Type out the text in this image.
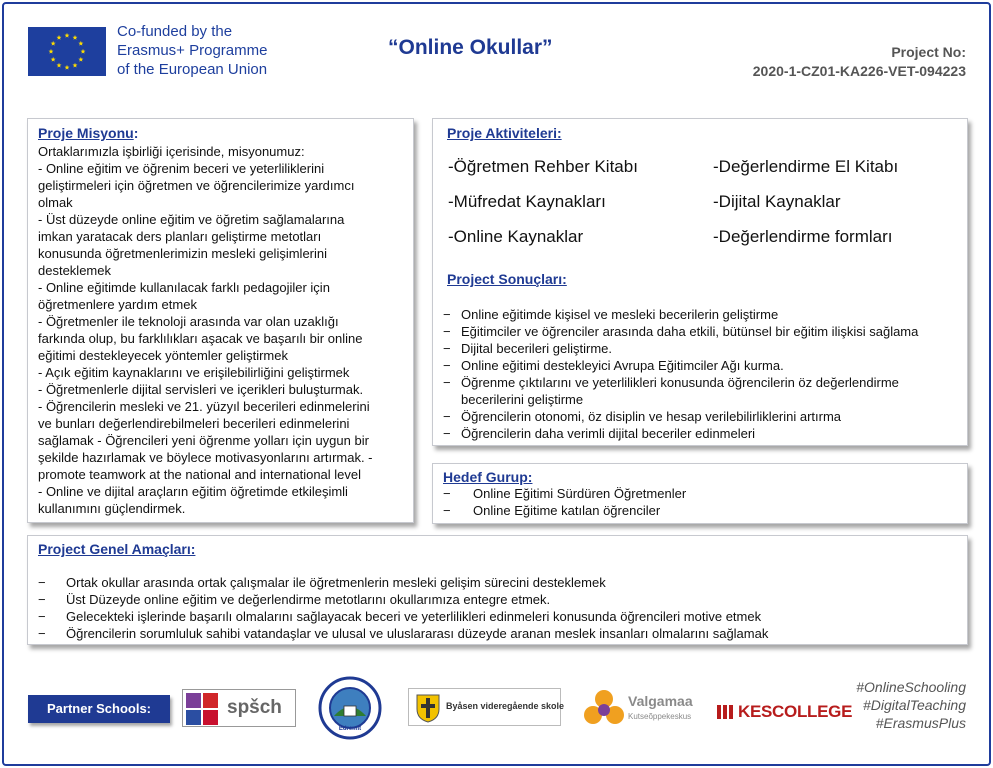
Co-funded by the
Erasmus+ Programme
of the European Union
“Online Okullar”	Project No:
2020-1-CZ01-KA226-VET-094223
Proje Misyonu:
Ortaklarımızla işbirliği içerisinde, misyonumuz:
- Online eğitim ve öğrenim beceri ve yeterliliklerini
geliştirmeleri için öğretmen ve öğrencilerimize yardımcı
olmak
- Üst düzeyde online eğitim ve öğretim sağlamalarına
imkan yaratacak ders planları geliştirme metotları
konusunda öğretmenlerimizin mesleki gelişimlerini
desteklemek
- Online eğitimde kullanılacak farklı pedagojiler için
öğretmenlere yardım etmek
- Öğretmenler ile teknoloji arasında var olan uzaklığı
farkında olup, bu farklılıkları aşacak ve başarılı bir online
eğitimi destekleyecek yöntemler geliştirmek
- Açık eğitim kaynaklarını ve erişilebilirliğini geliştirmek
- Öğretmenlerle dijital servisleri ve içerikleri buluşturmak.
- Öğrencilerin mesleki ve 21. yüzyıl becerileri edinmelerini
ve bunları değerlendirebilmeleri becerileri edinmelerini
sağlamak - Öğrencileri yeni öğrenme yolları için uygun bir
şekilde hazırlamak ve böylece motivasyonlarını artırmak. -
promote teamwork at the national and international level
- Online ve dijital araçların eğitim öğretimde etkileşimli
kullanımını güçlendirmek.
Proje Aktiviteleri:
-Öğretmen Rehber Kitabı	-Değerlendirme El Kitabı
-Müfredat Kaynakları	-Dijital Kaynaklar
-Online Kaynaklar	-Değerlendirme formları
Project Sonuçları:
− Online eğitimde kişisel ve mesleki becerilerin geliştirme
− Eğitimciler ve öğrenciler arasında daha etkili, bütünsel bir eğitim ilişkisi sağlama
− Dijital becerileri geliştirme.
− Online eğitimi destekleyici Avrupa Eğitimciler Ağı kurma.
− Öğrenme çıktılarını ve yeterlilikleri konusunda öğrencilerin öz değerlendirme becerilerini geliştirme
− Öğrencilerin otonomi, öz disiplin ve hesap verilebilirliklerini artırma
− Öğrencilerin daha verimli dijital beceriler edinmeleri
Hedef Gurup:
−	Online Eğitimi Sürdüren Öğretmenler
−	Online Eğitime katılan öğrenciler
Project Genel Amaçları:
−	Ortak okullar arasında ortak çalışmalar ile öğretmenlerin mesleki gelişim sürecini desteklemek
−	Üst Düzeyde online eğitim ve değerlendirme metotlarını okullarımıza entegre etmek.
−	Gelecekteki işlerinde başarılı olmalarını sağlayacak beceri ve yeterlilikleri edinmeleri konusunda öğrencileri motive etmek
−	Öğrencilerin sorumluluk sahibi vatandaşlar ve ulusal ve uluslararası düzeyde aranan meslek insanları olmalarını sağlamak
Partner Schools:	spšch
Edremit
Byåsen videregående skole	Valgamaa
Kutseõppekeskus	KESCOLLEGE
#OnlineSchooling
#DigitalTeaching
#ErasmusPlus
